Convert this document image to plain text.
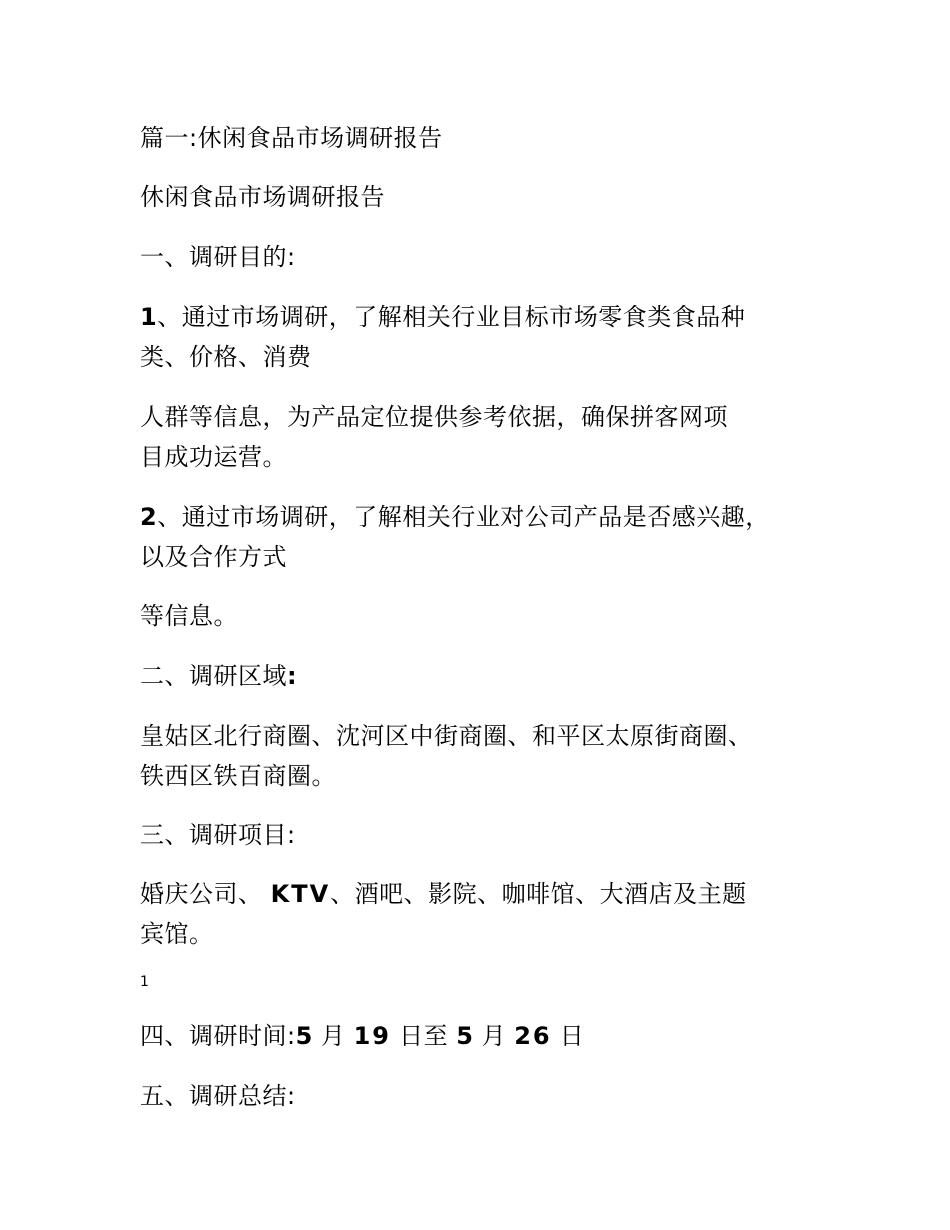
篇一:休闲食品市场调研报告
休闲食品市场调研报告
一、调研目的:
1、通过市场调研，了解相关行业目标市场零食类食品种
类、价格、消费
人群等信息，为产品定位提供参考依据，确保拼客网项
目成功运营。
2、通过市场调研，了解相关行业对公司产品是否感兴趣，
以及合作方式
等信息。
二、调研区域:
皇姑区北行商圈、沈河区中街商圈、和平区太原街商圈、
铁西区铁百商圈。
三、调研项目:
婚庆公司、 KTV、酒吧、影院、咖啡馆、大酒店及主题
宾馆。
1
四、调研时间:5 月 19 日至 5 月 26 日
五、调研总结:
